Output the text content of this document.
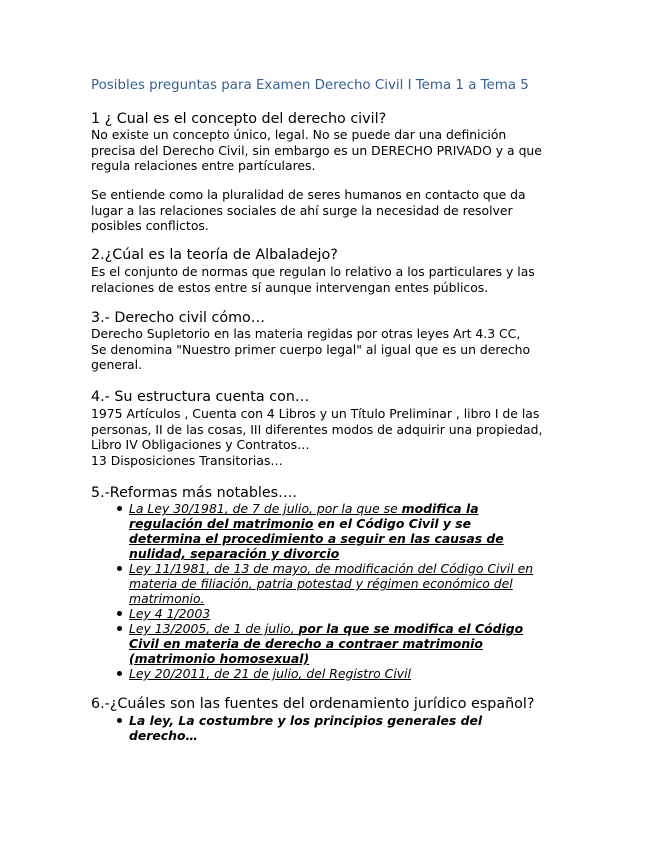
Posibles preguntas para Examen Derecho Civil I Tema 1 a Tema 5
1 ¿ Cual es el concepto del derecho civil?
No existe un concepto único, legal. No se puede dar una definición
precisa del Derecho Civil, sin embargo es un DERECHO PRIVADO y a que
regula relaciones entre partículares.
Se entiende como la pluralidad de seres humanos en contacto que da
lugar a las relaciones sociales de ahí surge la necesidad de resolver
posibles conflictos.
2.¿Cúal es la teoría de Albaladejo?
Es el conjunto de normas que regulan lo relativo a los particulares y las
relaciones de estos entre sí aunque intervengan entes públicos.
3.- Derecho civil cómo…
Derecho Supletorio en las materia regidas por otras leyes Art 4.3 CC,
Se denomina "Nuestro primer cuerpo legal" al igual que es un derecho
general.
4.- Su estructura cuenta con…
1975 Artículos , Cuenta con 4 Libros y un Título Preliminar , libro I de las
personas, II de las cosas, III diferentes modos de adquirir una propiedad,
Libro IV Obligaciones y Contratos…
13 Disposiciones Transitorias…
5.-Reformas más notables….
La Ley 30/1981, de 7 de julio, por la que se modifica la
regulación del matrimonio en el Código Civil y se
determina el procedimiento a seguir en las causas de
nulidad, separación y divorcio
Ley 11/1981, de 13 de mayo, de modificación del Código Civil en
materia de filiación, patria potestad y régimen económico del
matrimonio.
Ley 4 1/2003
Ley 13/2005, de 1 de julio, por la que se modifica el Código
Civil en materia de derecho a contraer matrimonio
(matrimonio homosexual)
Ley 20/2011, de 21 de julio, del Registro Civil
6.-¿Cuáles son las fuentes del ordenamiento jurídico español?
La ley, La costumbre y los principios generales del
derecho…
